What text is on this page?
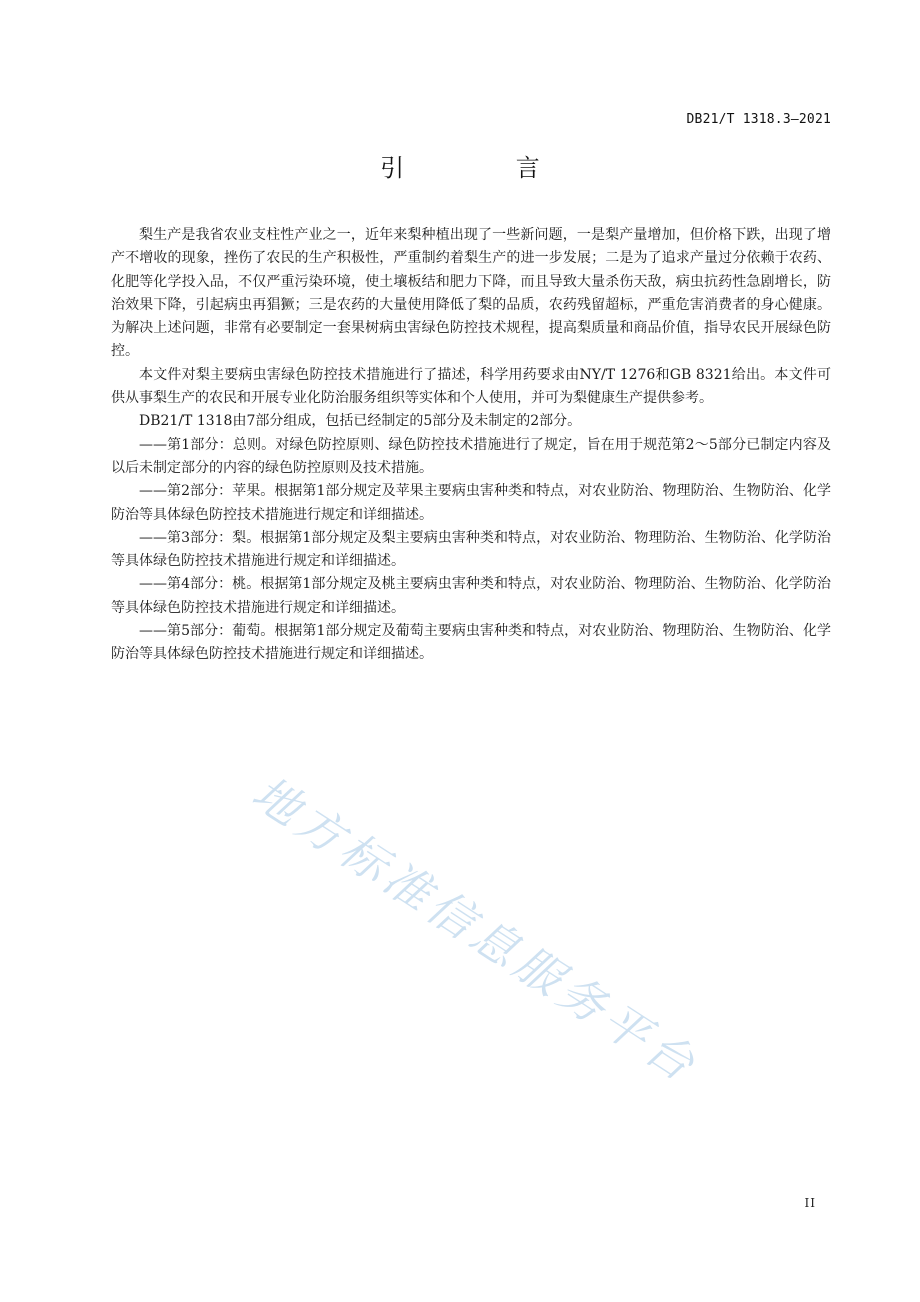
DB21/T 1318.3—2021
引 言

梨生产是我省农业支柱性产业之一，近年来梨种植出现了一些新问题，一是梨产量增加，但价格下跌，出现了增产不增收的现象，挫伤了农民的生产积极性，严重制约着梨生产的进一步发展；二是为了追求产量过分依赖于农药、化肥等化学投入品，不仅严重污染环境，使土壤板结和肥力下降，而且导致大量杀伤天敌，病虫抗药性急剧增长，防治效果下降，引起病虫再猖獗；三是农药的大量使用降低了梨的品质，农药残留超标，严重危害消费者的身心健康。为解决上述问题，非常有必要制定一套果树病虫害绿色防控技术规程，提高梨质量和商品价值，指导农民开展绿色防控。

本文件对梨主要病虫害绿色防控技术措施进行了描述，科学用药要求由NY/T 1276和GB 8321给出。本文件可供从事梨生产的农民和开展专业化防治服务组织等实体和个人使用，并可为梨健康生产提供参考。

DB21/T 1318由7部分组成，包括已经制定的5部分及未制定的2部分。

——第1部分：总则。对绿色防控原则、绿色防控技术措施进行了规定，旨在用于规范第2～5部分已制定内容及以后未制定部分的内容的绿色防控原则及技术措施。

——第2部分：苹果。根据第1部分规定及苹果主要病虫害种类和特点，对农业防治、物理防治、生物防治、化学防治等具体绿色防控技术措施进行规定和详细描述。

——第3部分：梨。根据第1部分规定及梨主要病虫害种类和特点，对农业防治、物理防治、生物防治、化学防治等具体绿色防控技术措施进行规定和详细描述。

——第4部分：桃。根据第1部分规定及桃主要病虫害种类和特点，对农业防治、物理防治、生物防治、化学防治等具体绿色防控技术措施进行规定和详细描述。

——第5部分：葡萄。根据第1部分规定及葡萄主要病虫害种类和特点，对农业防治、物理防治、生物防治、化学防治等具体绿色防控技术措施进行规定和详细描述。

地方标准信息服务平台
II
